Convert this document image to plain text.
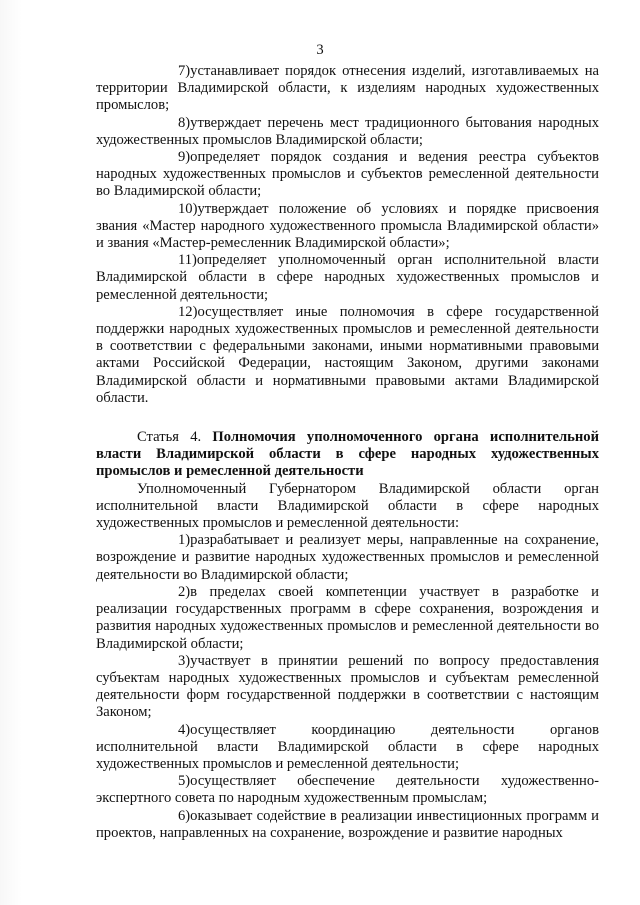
3

7)устанавливает порядок отнесения изделий, изготавливаемых на территории Владимирской области, к изделиям народных художественных промыслов;

8)утверждает перечень мест традиционного бытования народных художественных промыслов Владимирской области;

9)определяет порядок создания и ведения реестра субъектов народных художественных промыслов и субъектов ремесленной деятельности во Владимирской области;

10)утверждает положение об условиях и порядке присвоения звания «Мастер народного художественного промысла Владимирской области» и звания «Мастер-ремесленник Владимирской области»;

11)определяет уполномоченный орган исполнительной власти Владимирской области в сфере народных художественных промыслов и ремесленной деятельности;

12)осуществляет иные полномочия в сфере государственной поддержки народных художественных промыслов и ремесленной деятельности в соответствии с федеральными законами, иными нормативными правовыми актами Российской Федерации, настоящим Законом, другими законами Владимирской области и нормативными правовыми актами Владимирской области.

Статья 4. Полномочия уполномоченного органа исполнительной власти Владимирской области в сфере народных художественных промыслов и ремесленной деятельности

Уполномоченный Губернатором Владимирской области орган исполнительной власти Владимирской области в сфере народных художественных промыслов и ремесленной деятельности:

1)разрабатывает и реализует меры, направленные на сохранение, возрождение и развитие народных художественных промыслов и ремесленной деятельности во Владимирской области;

2)в пределах своей компетенции участвует в разработке и реализации государственных программ в сфере сохранения, возрождения и развития народных художественных промыслов и ремесленной деятельности во Владимирской области;

3)участвует в принятии решений по вопросу предоставления субъектам народных художественных промыслов и субъектам ремесленной деятельности форм государственной поддержки в соответствии с настоящим Законом;

4)осуществляет координацию деятельности органов исполнительной власти Владимирской области в сфере народных художественных промыслов и ремесленной деятельности;

5)осуществляет обеспечение деятельности художественно-экспертного совета по народным художественным промыслам;

6)оказывает содействие в реализации инвестиционных программ и проектов, направленных на сохранение, возрождение и развитие народных
